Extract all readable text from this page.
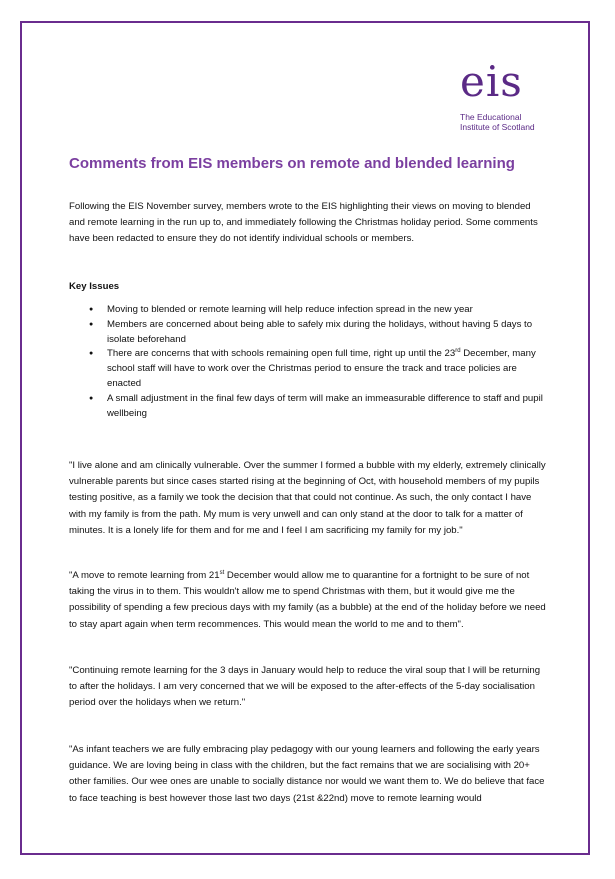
eis
The Educational
Institute of Scotland
Comments from EIS members on remote and blended learning
Following the EIS November survey, members wrote to the EIS highlighting their views on moving to blended and remote learning in the run up to, and immediately following the Christmas holiday period. Some comments have been redacted to ensure they do not identify individual schools or members.
Key Issues
● Moving to blended or remote learning will help reduce infection spread in the new year
● Members are concerned about being able to safely mix during the holidays, without having 5 days to isolate beforehand
● There are concerns that with schools remaining open full time, right up until the 23rd December, many school staff will have to work over the Christmas period to ensure the track and trace policies are enacted
● A small adjustment in the final few days of term will make an immeasurable difference to staff and pupil wellbeing
"I live alone and am clinically vulnerable. Over the summer I formed a bubble with my elderly, extremely clinically vulnerable parents but since cases started rising at the beginning of Oct, with household members of my pupils testing positive, as a family we took the decision that that could not continue. As such, the only contact I have with my family is from the path. My mum is very unwell and can only stand at the door to talk for a matter of minutes. It is a lonely life for them and for me and I feel I am sacrificing my family for my job."
"A move to remote learning from 21st December would allow me to quarantine for a fortnight to be sure of not taking the virus in to them. This wouldn't allow me to spend Christmas with them, but it would give me the possibility of spending a few precious days with my family (as a bubble) at the end of the holiday before we need to stay apart again when term recommences. This would mean the world to me and to them".
"Continuing remote learning for the 3 days in January would help to reduce the viral soup that I will be returning to after the holidays. I am very concerned that we will be exposed to the after-effects of the 5-day socialisation period over the holidays when we return."
"As infant teachers we are fully embracing play pedagogy with our young learners and following the early years guidance. We are loving being in class with the children, but the fact remains that we are socialising with 20+ other families. Our wee ones are unable to socially distance nor would we want them to. We do believe that face to face teaching is best however those last two days (21st &22nd) move to remote learning would
